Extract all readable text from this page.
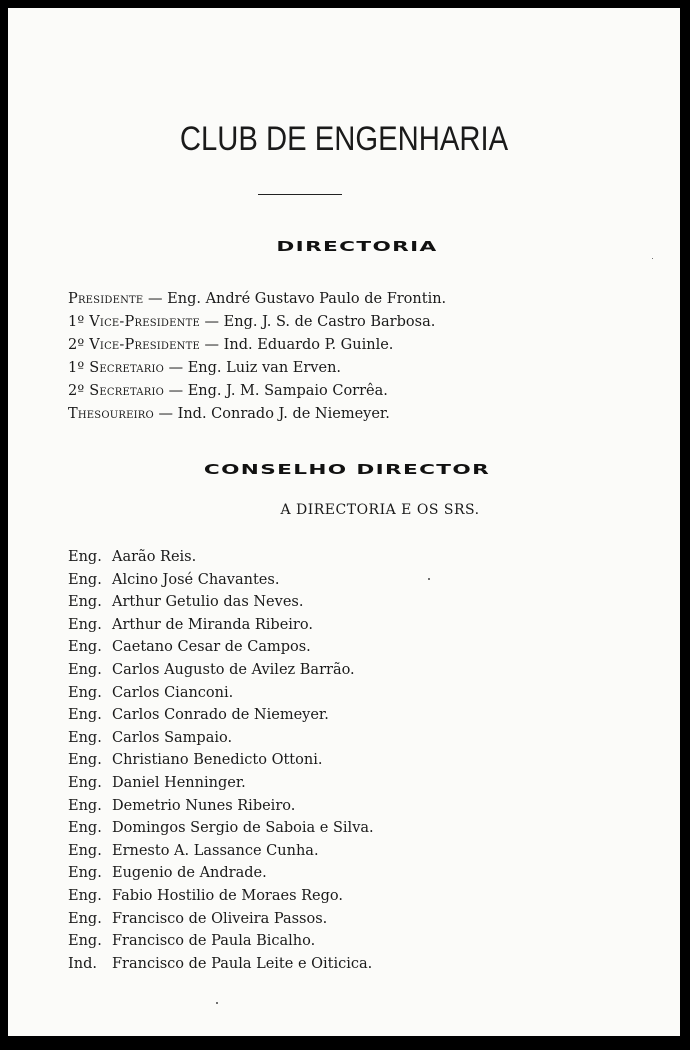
CLUB DE ENGENHARIA
DIRECTORIA
Presidente — Eng. André Gustavo Paulo de Frontin.
1º Vice-Presidente — Eng. J. S. de Castro Barbosa.
2º Vice-Presidente — Ind. Eduardo P. Guinle.
1º Secretario — Eng. Luiz van Erven.
2º Secretario — Eng. J. M. Sampaio Corrêa.
Thesoureiro — Ind. Conrado J. de Niemeyer.
CONSELHO DIRECTOR
A DIRECTORIA E OS SRS.
Eng. Aarão Reis.
Eng. Alcino José Chavantes.
Eng. Arthur Getulio das Neves.
Eng. Arthur de Miranda Ribeiro.
Eng. Caetano Cesar de Campos.
Eng. Carlos Augusto de Avilez Barrão.
Eng. Carlos Cianconi.
Eng. Carlos Conrado de Niemeyer.
Eng. Carlos Sampaio.
Eng. Christiano Benedicto Ottoni.
Eng. Daniel Henninger.
Eng. Demetrio Nunes Ribeiro.
Eng. Domingos Sergio de Saboia e Silva.
Eng. Ernesto A. Lassance Cunha.
Eng. Eugenio de Andrade.
Eng. Fabio Hostilio de Moraes Rego.
Eng. Francisco de Oliveira Passos.
Eng. Francisco de Paula Bicalho.
Ind. Francisco de Paula Leite e Oiticica.
